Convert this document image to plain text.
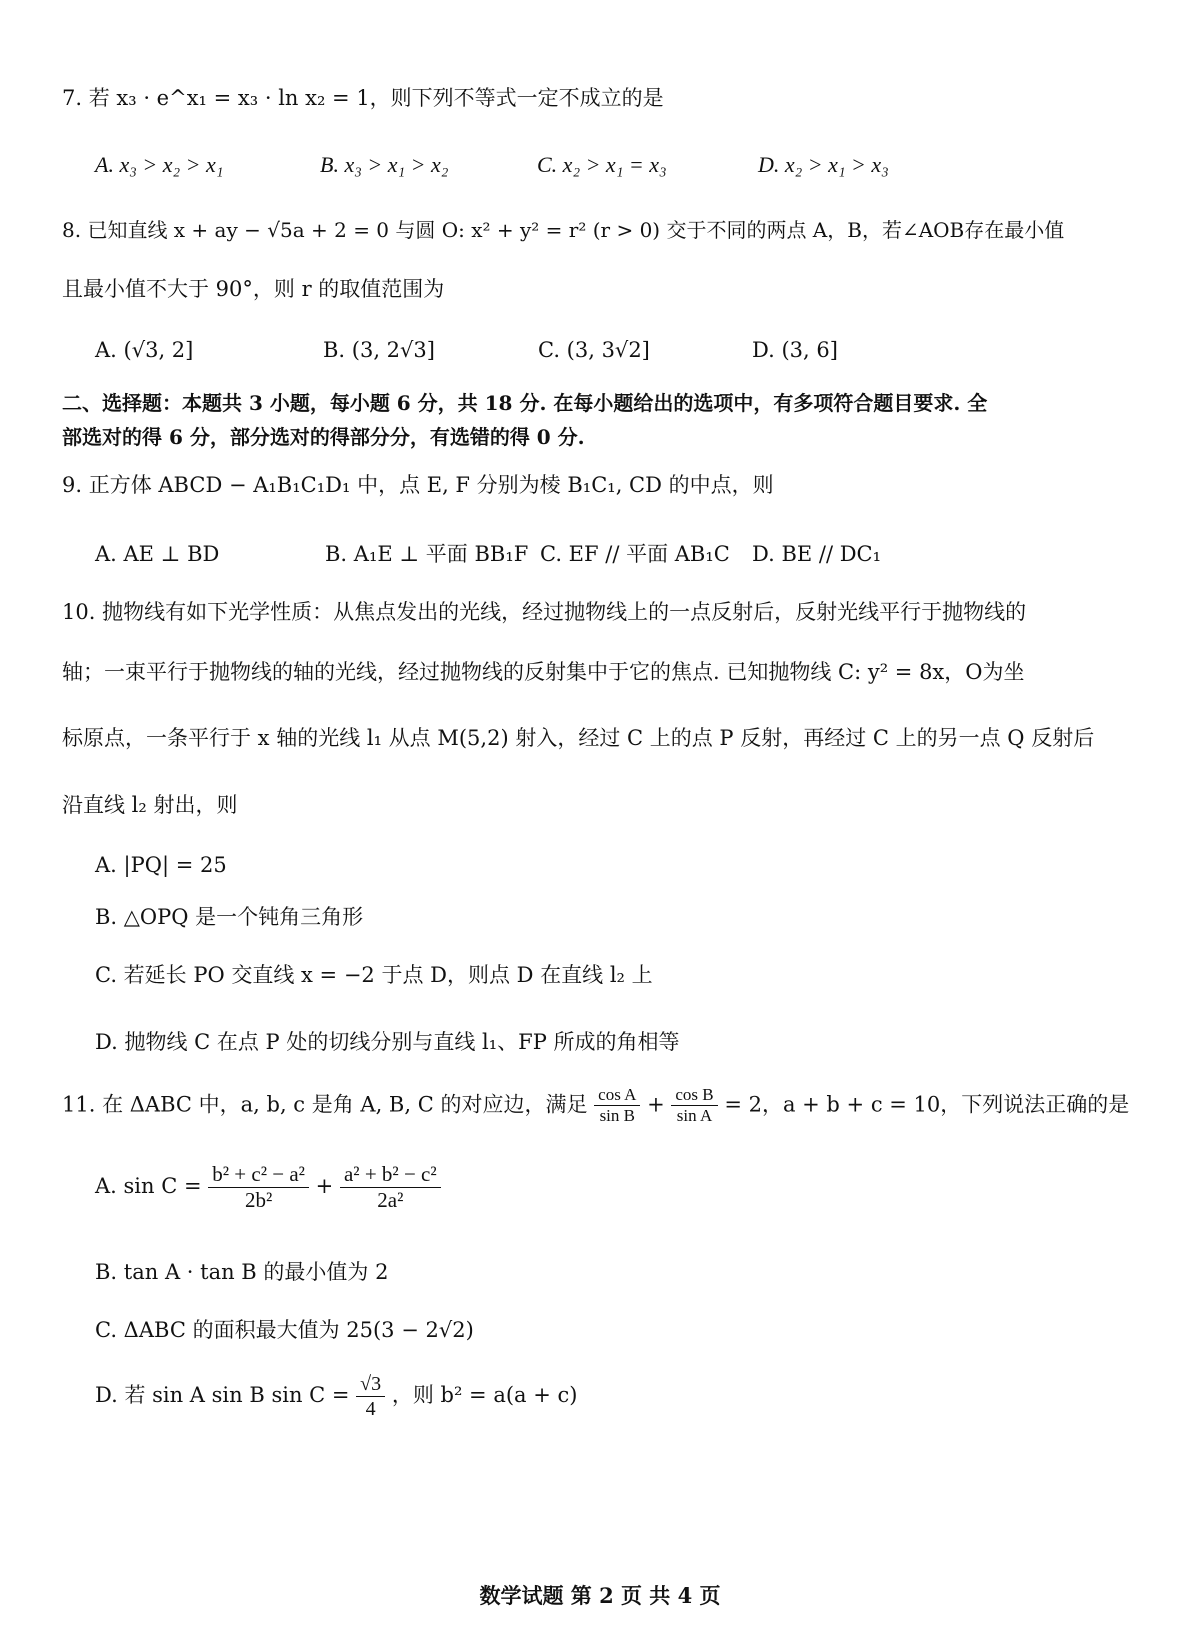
7. 若 x₃ · e^x₁ = x₃ · ln x₂ = 1，则下列不等式一定不成立的是
A. x₃ > x₂ > x₁	B. x₃ > x₁ > x₂	C. x₂ > x₁ = x₃	D. x₂ > x₁ > x₃
8. 已知直线 x + ay − √5a + 2 = 0 与圆 O: x² + y² = r² (r > 0) 交于不同的两点 A，B，若∠AOB存在最小值
且最小值不大于 90°，则 r 的取值范围为
A. (√3, 2]	B. (3, 2√3]	C. (3, 3√2]	D. (3, 6]
二、选择题：本题共 3 小题，每小题 6 分，共 18 分. 在每小题给出的选项中，有多项符合题目要求. 全
部选对的得 6 分，部分选对的得部分分，有选错的得 0 分.
9. 正方体 ABCD − A₁B₁C₁D₁ 中，点 E, F 分别为棱 B₁C₁, CD 的中点，则
A. AE ⊥ BD	B. A₁E ⊥ 平面 BB₁F C. EF // 平面 AB₁C D. BE // DC₁
10. 抛物线有如下光学性质：从焦点发出的光线，经过抛物线上的一点反射后，反射光线平行于抛物线的
轴；一束平行于抛物线的轴的光线，经过抛物线的反射集中于它的焦点. 已知抛物线 C: y² = 8x，O为坐
标原点，一条平行于 x 轴的光线 l₁ 从点 M(5,2) 射入，经过 C 上的点 P 反射，再经过 C 上的另一点 Q 反射后
沿直线 l₂ 射出，则
A. |PQ| = 25
B. △OPQ 是一个钝角三角形
C. 若延长 PO 交直线 x = −2 于点 D，则点 D 在直线 l₂ 上
D. 抛物线 C 在点 P 处的切线分别与直线 l₁、FP 所成的角相等
11. 在 ΔABC 中，a, b, c 是角 A, B, C 的对应边，满足 $\frac{\text{cos A}}{\text{sin B}} + \frac{\text{cos B}}{\text{sin A}} = 2$，a + b + c = 10，下列说法正确的是
A. $\sin C = \frac{\text{b² + c² − a²}}{\text{2b²}} + \frac{\text{a² + b² − c²}}{\text{2a²}}$
B. tan A · tan B 的最小值为 2
C. ΔABC 的面积最大值为 25(3 − 2√2)
D. 若 sin A sin B $\sin C = \frac{√3}{4}$ ，则 b² = a(a + c)
数学试题 第 2 页 共 4 页
